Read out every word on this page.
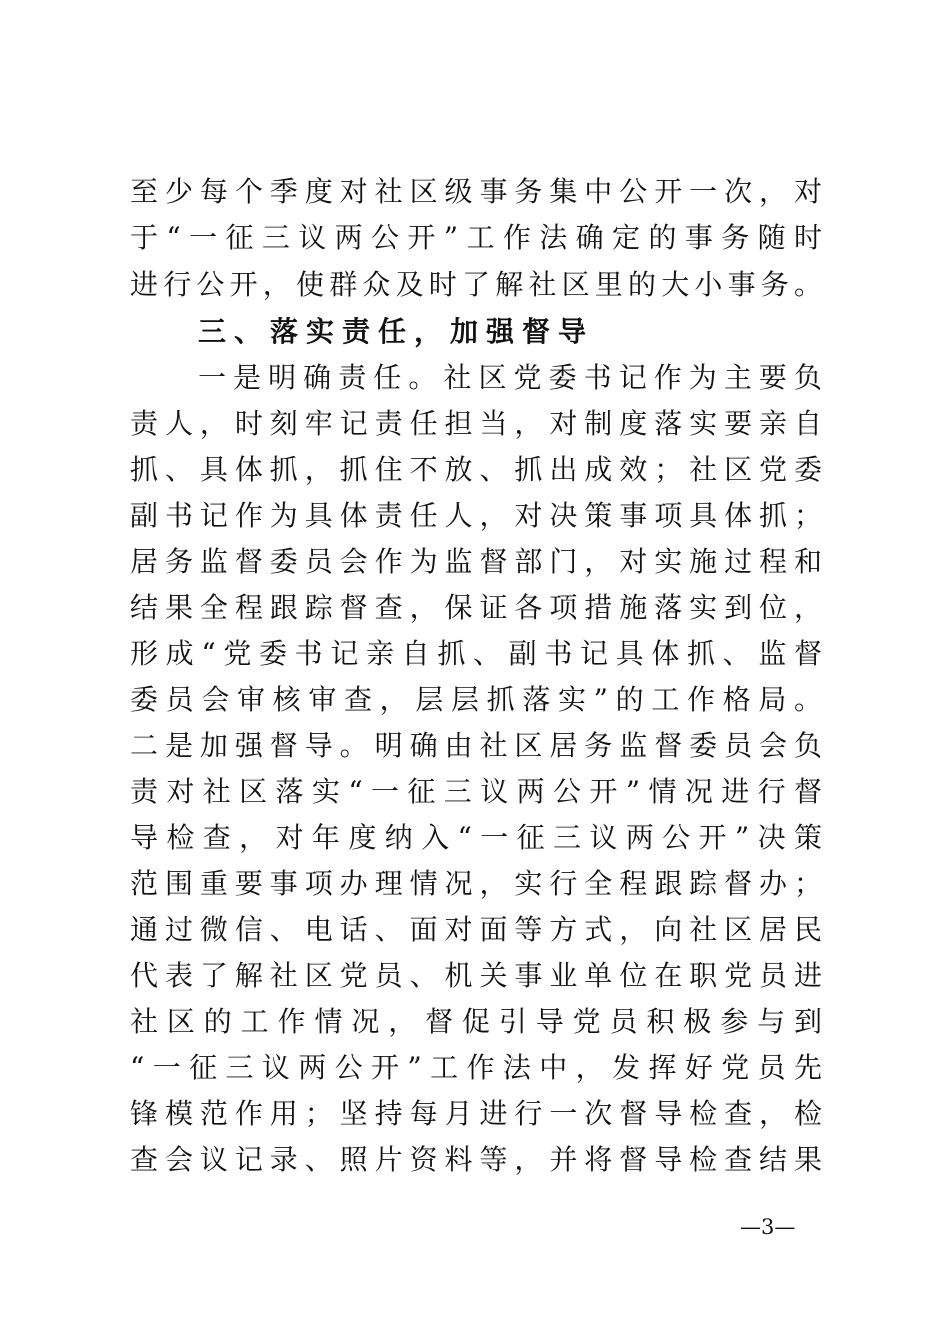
至少每个季度对社区级事务集中公开一次，对
于“一征三议两公开”工作法确定的事务随时
进行公开，使群众及时了解社区里的大小事务。
三、落实责任，加强督导
一是明确责任。社区党委书记作为主要负
责人，时刻牢记责任担当，对制度落实要亲自
抓、具体抓，抓住不放、抓出成效；社区党委
副书记作为具体责任人，对决策事项具体抓；
居务监督委员会作为监督部门，对实施过程和
结果全程跟踪督查，保证各项措施落实到位，
形成“党委书记亲自抓、副书记具体抓、监督
委员会审核审查，层层抓落实”的工作格局。
二是加强督导。明确由社区居务监督委员会负
责对社区落实“一征三议两公开”情况进行督
导检查，对年度纳入“一征三议两公开”决策
范围重要事项办理情况，实行全程跟踪督办；
通过微信、电话、面对面等方式，向社区居民
代表了解社区党员、机关事业单位在职党员进
社区的工作情况，督促引导党员积极参与到
“一征三议两公开”工作法中，发挥好党员先
锋模范作用；坚持每月进行一次督导检查，检
查会议记录、照片资料等，并将督导检查结果
—3—
